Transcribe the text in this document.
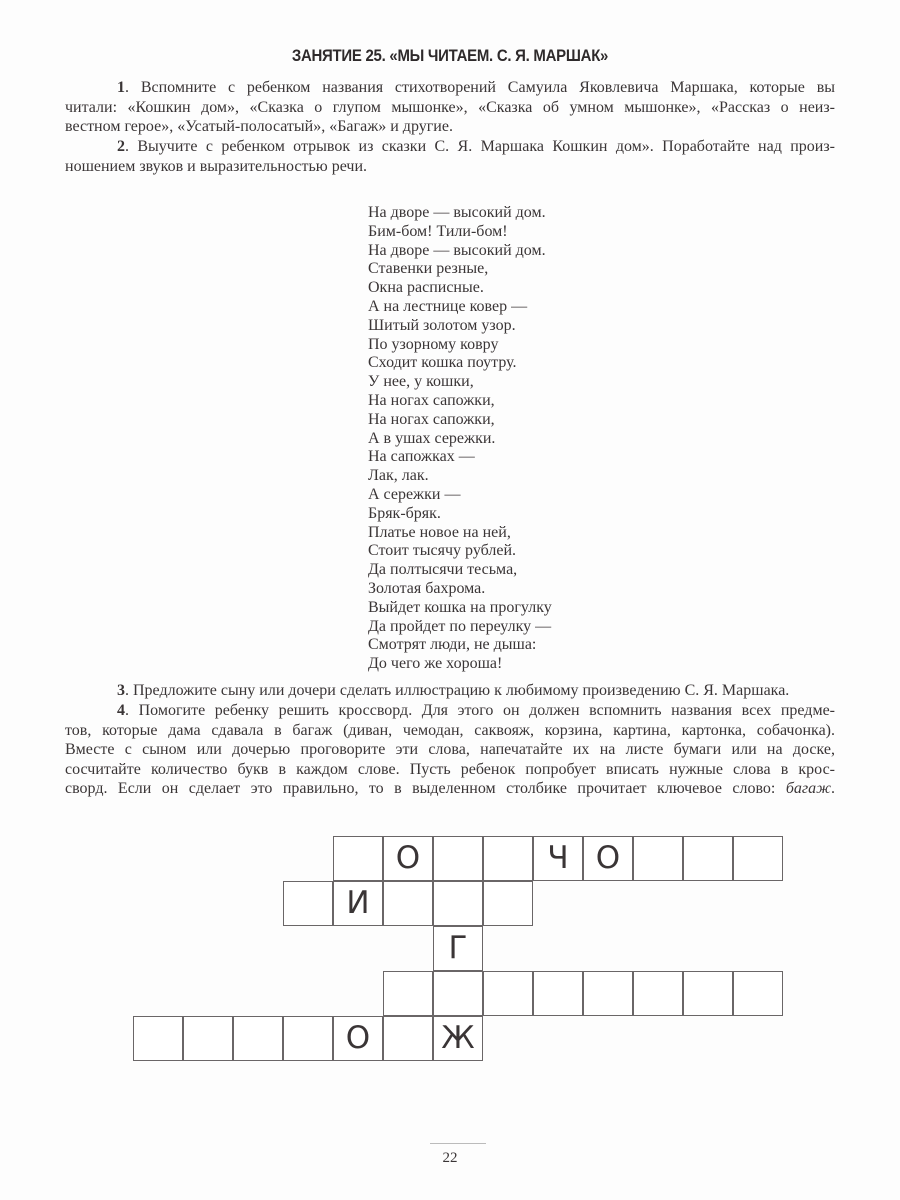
ЗАНЯТИЕ 25. «МЫ ЧИТАЕМ. С. Я. МАРШАК»
1. Вспомните с ребенком названия стихотворений Самуила Яковлевича Маршака, которые вы
читали: «Кошкин дом», «Сказка о глупом мышонке», «Сказка об умном мышонке», «Рассказ о неиз-
вестном герое», «Усатый-полосатый», «Багаж» и другие.
2. Выучите с ребенком отрывок из сказки С. Я. Маршака Кошкин дом». Поработайте над произ-
ношением звуков и выразительностью речи.
На дворе — высокий дом.
Бим-бом! Тили-бом!
На дворе — высокий дом.
Ставенки резные,
Окна расписные.
А на лестнице ковер —
Шитый золотом узор.
По узорному ковру
Сходит кошка поутру.
У нее, у кошки,
На ногах сапожки,
На ногах сапожки,
А в ушах сережки.
На сапожках —
Лак, лак.
А сережки —
Бряк-бряк.
Платье новое на ней,
Стоит тысячу рублей.
Да полтысячи тесьма,
Золотая бахрома.
Выйдет кошка на прогулку
Да пройдет по переулку —
Смотрят люди, не дыша:
До чего же хороша!
3. Предложите сыну или дочери сделать иллюстрацию к любимому произведению С. Я. Маршака.
4. Помогите ребенку решить кроссворд. Для этого он должен вспомнить названия всех предме-
тов, которые дама сдавала в багаж (диван, чемодан, саквояж, корзина, картина, картонка, собачонка).
Вместе с сыном или дочерью проговорите эти слова, напечатайте их на листе бумаги или на доске,
сосчитайте количество букв в каждом слове. Пусть ребенок попробует вписать нужные слова в крос-
сворд. Если он сделает это правильно, то в выделенном столбике прочитает ключевое слово: багаж.
О	Ч О
И
Г
О	Ж
22
